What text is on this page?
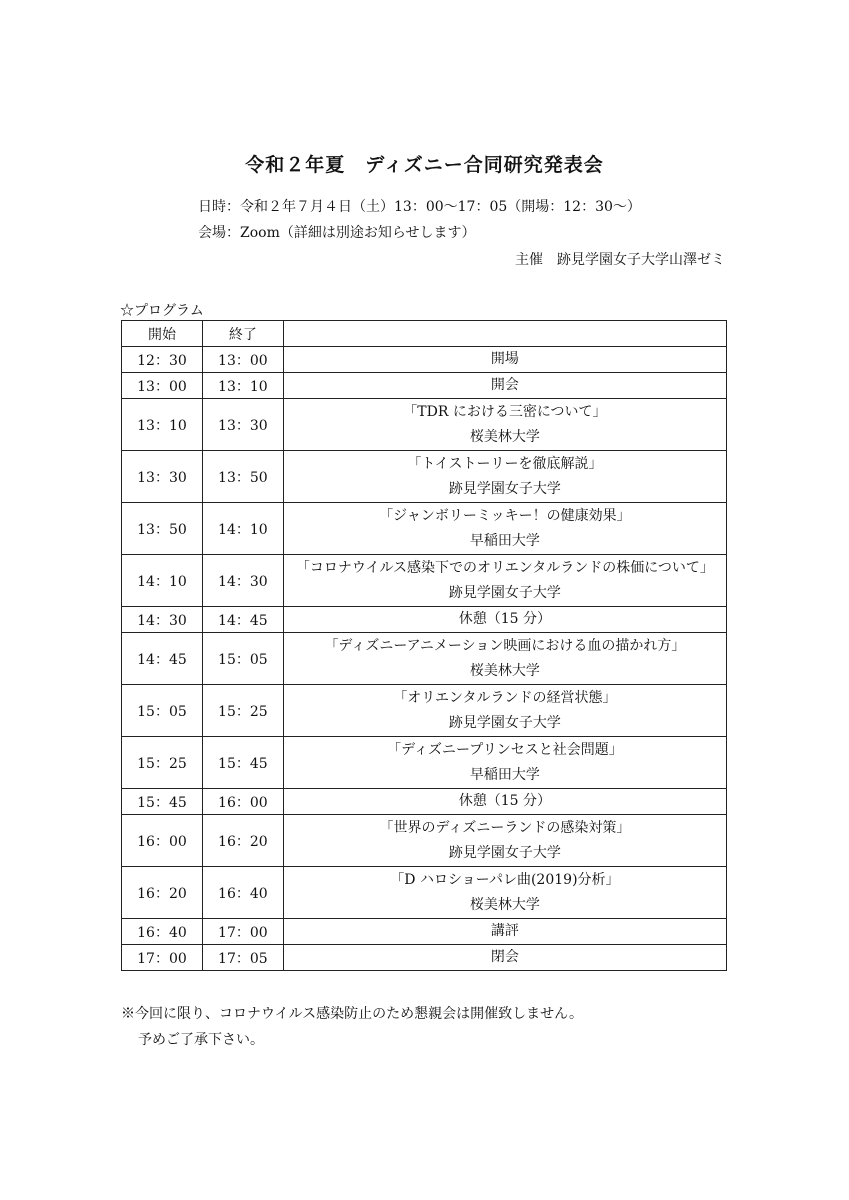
令和２年夏　ディズニー合同研究発表会
日時：令和２年７月４日（土）13：00〜17：05（開場：12：30〜）
会場：Zoom（詳細は別途お知らせします）
主催　跡見学園女子大学山澤ゼミ
☆プログラム
開始	終了	
12：30	13：00	開場

13：00	13：10	開会

13：10	13：30	「TDR における三密について」
桜美林大学

13：30	13：50	「トイストーリーを徹底解説」
跡見学園女子大学

13：50	14：10	「ジャンボリーミッキー！の健康効果」
早稲田大学

14：10	14：30	「コロナウイルス感染下でのオリエンタルランドの株価について」
跡見学園女子大学

14：30	14：45	休憩（15 分）

14：45	15：05	「ディズニーアニメーション映画における血の描かれ方」
桜美林大学

15：05	15：25	「オリエンタルランドの経営状態」
跡見学園女子大学

15：25	15：45	「ディズニープリンセスと社会問題」
早稲田大学

15：45	16：00	休憩（15 分）

16：00	16：20	「世界のディズニーランドの感染対策」
跡見学園女子大学

16：20	16：40	「D ハロショーパレ曲(2019)分析」
桜美林大学

16：40	17：00	講評

17：00	17：05	閉会
※今回に限り、コロナウイルス感染防止のため懇親会は開催致しません。
予めご了承下さい。
